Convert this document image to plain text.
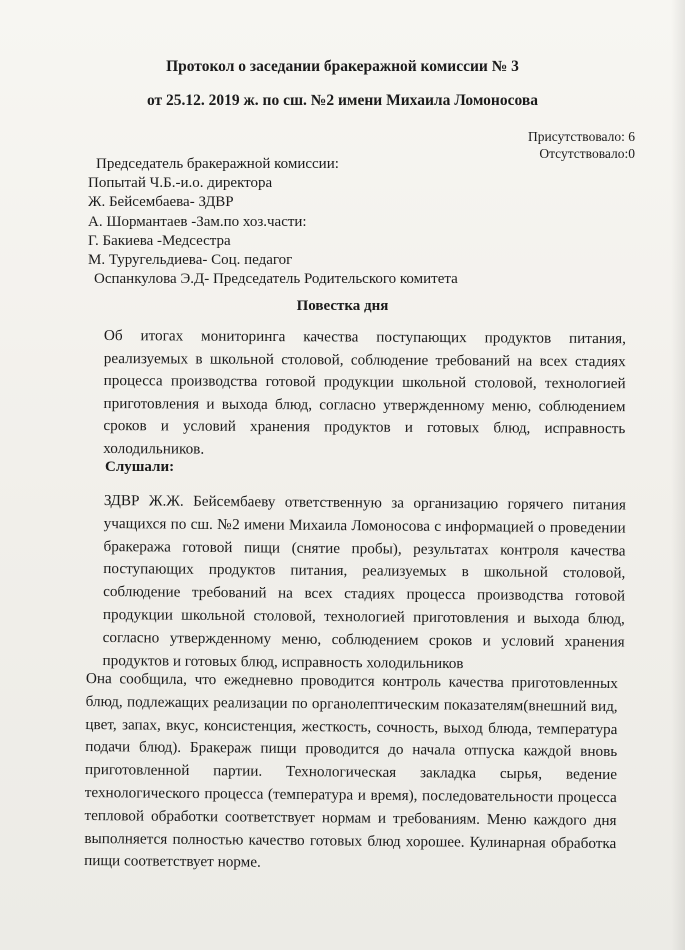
Протокол о заседании бракеражной комиссии № 3
от 25.12. 2019 ж. по сш. №2 имени Михаила Ломоносова
Присутствовало: 6
Отсутствовало:0
Председатель бракеражной комиссии:
Попытай Ч.Б.-и.о. директора
Ж. Бейсембаева- ЗДВР
А. Шормантаев -Зам.по хоз.части:
Г. Бакиева -Медсестра
М. Туругельдиева- Соц. педагог
Оспанкулова Э.Д- Председатель Родительского комитета
Повестка дня
Об итогах мониторинга качества поступающих продуктов питания, реализуемых в школьной столовой, соблюдение требований на всех стадиях процесса производства готовой продукции школьной столовой, технологией приготовления и выхода блюд, согласно утвержденному меню, соблюдением сроков и условий хранения продуктов и готовых блюд, исправность холодильников.
Слушали:
ЗДВР Ж.Ж. Бейсембаеву ответственную за организацию горячего питания учащихся по сш. №2 имени Михаила Ломоносова с информацией о проведении бракеража готовой пищи (снятие пробы), результатах контроля качества поступающих продуктов питания, реализуемых в школьной столовой, соблюдение требований на всех стадиях процесса производства готовой продукции школьной столовой, технологией приготовления и выхода блюд, согласно утвержденному меню, соблюдением сроков и условий хранения продуктов и готовых блюд, исправность холодильников
Она сообщила, что ежедневно проводится контроль качества приготовленных блюд, подлежащих реализации по органолептическим показателям(внешний вид, цвет, запах, вкус, консистенция, жесткость, сочность, выход блюда, температура подачи блюд). Бракераж пищи проводится до начала отпуска каждой вновь приготовленной партии. Технологическая закладка сырья, ведение технологического процесса (температура и время), последовательности процесса тепловой обработки соответствует нормам и требованиям. Меню каждого дня выполняется полностью качество готовых блюд хорошее. Кулинарная обработка пищи соответствует норме.
